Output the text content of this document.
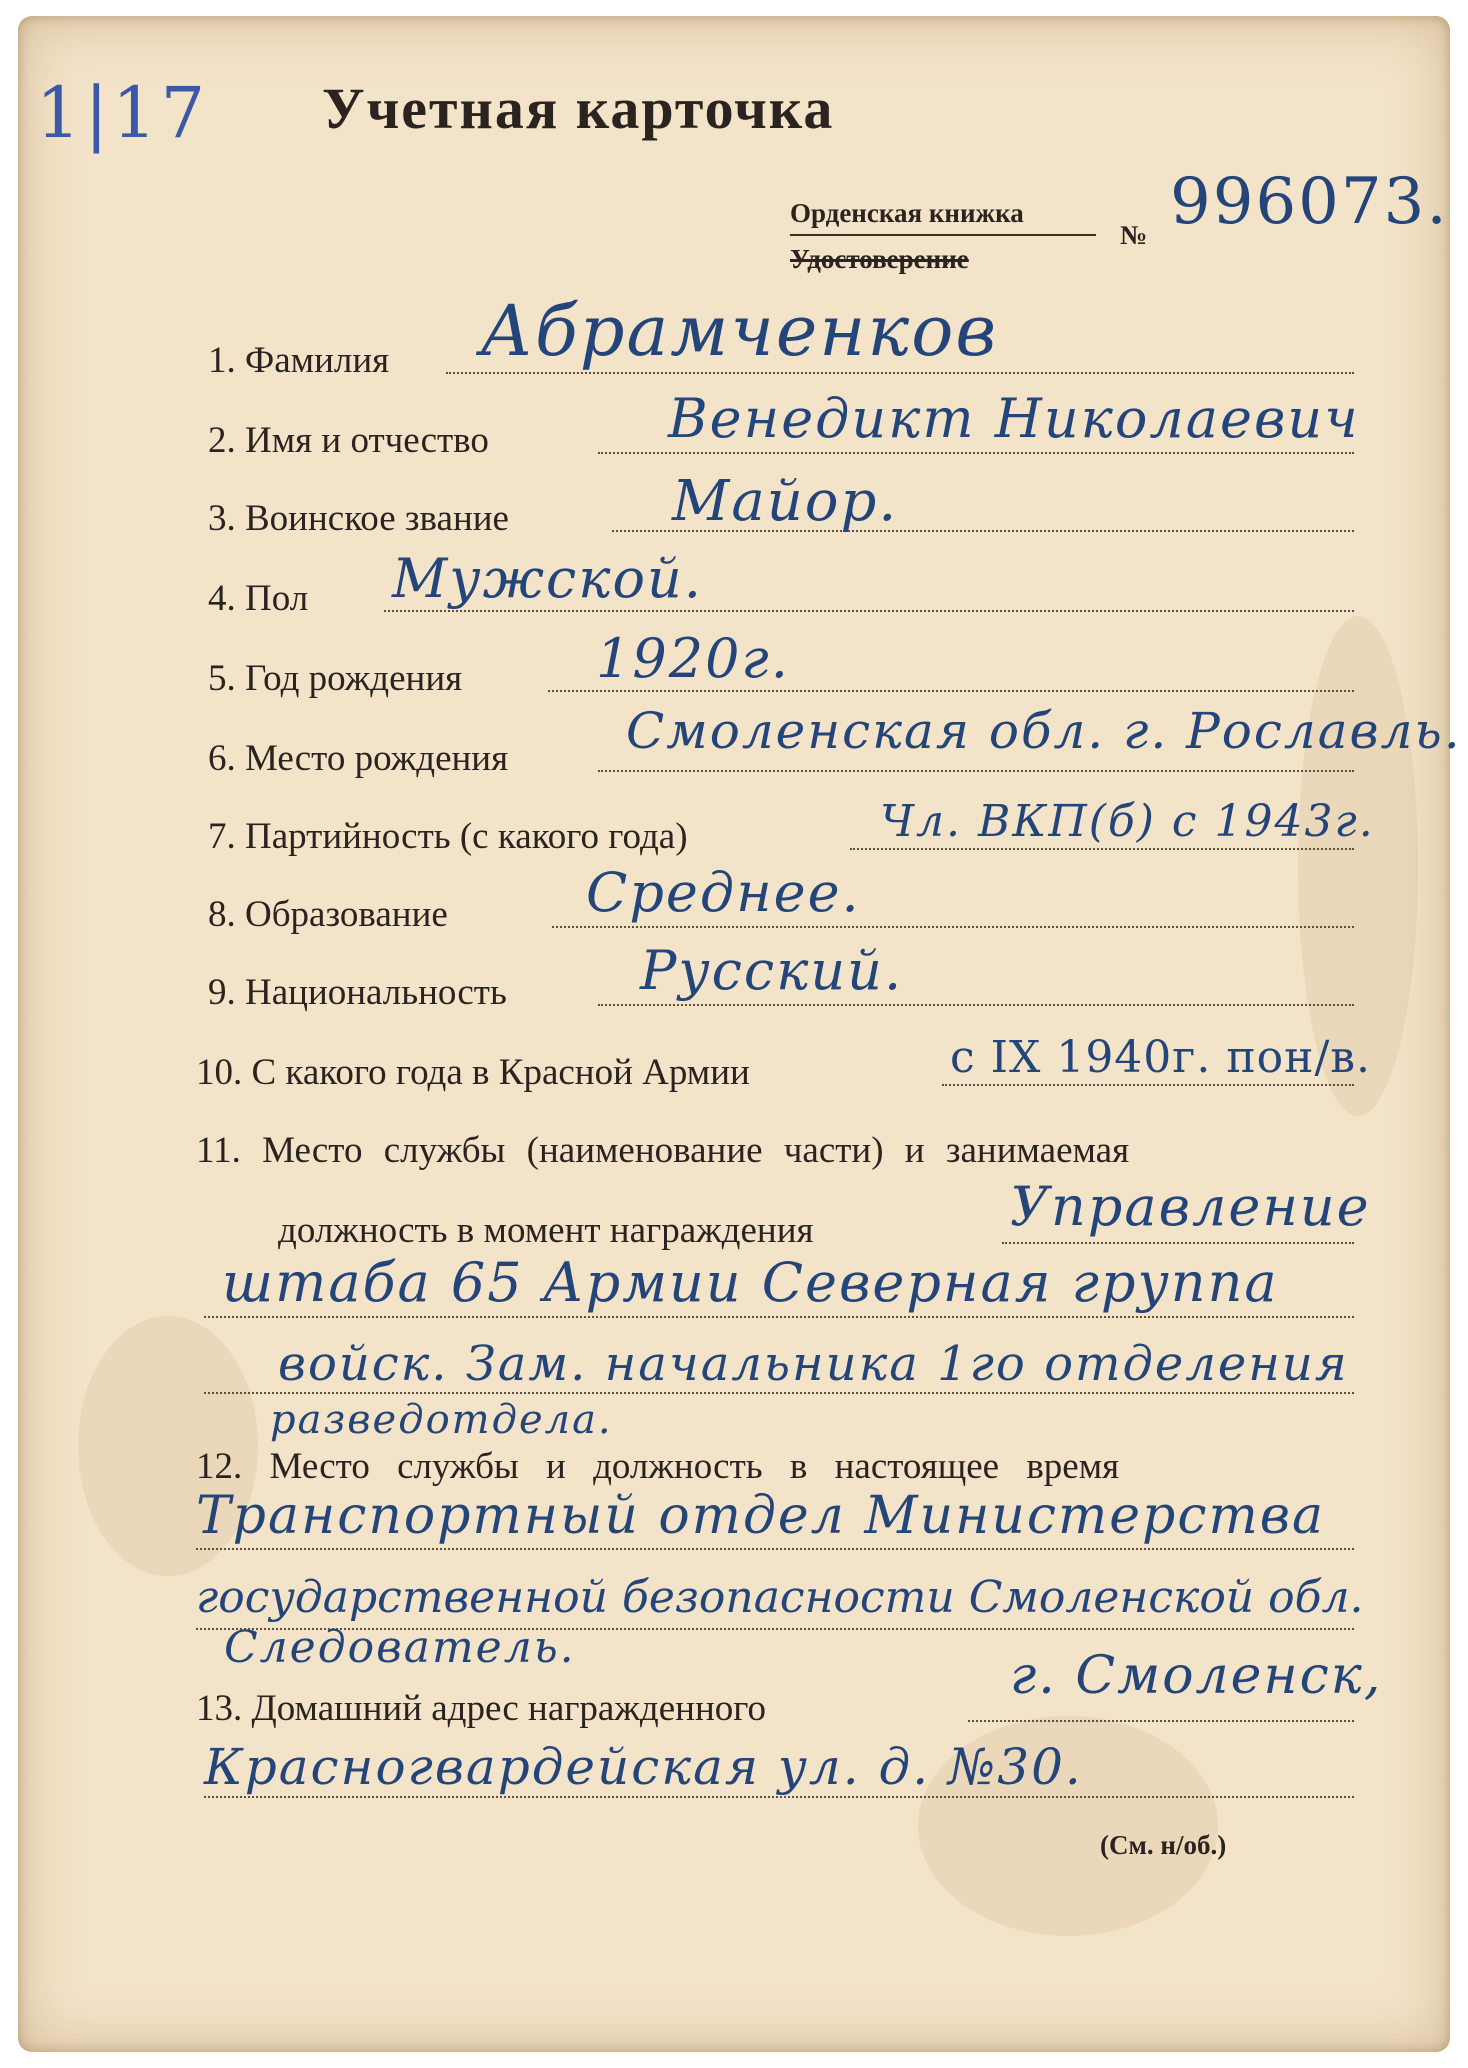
1|17 Учетная карточка
Орденская книжка
Удостоверение
№ 996073.
1. Фамилия Абрамченков
2. Имя и отчество	Венедикт Николаевич
3. Воинское звание	Майор.
4. Пол Мужской.
5. Год рождения 1920г.
6. Место рождения Смоленская обл. г. Рославль.
7. Партийность (с какого года)	Чл. ВКП(б) с 1943г.
8. Образование	Среднее.
9. Национальность Русский.
10. С какого года в Красной Армии	с IX 1940г. пон/в.
11. Место службы (наименование части) и занимаемая
должность в момент награждения	Управление
штаба 65 Армии Северная группа
войск. Зам. начальника 1го отделения
разведотдела.
12. Место службы и должность в настоящее время
Транспортный отдел Министерства
государственной безопасности Смоленской обл.
Следователь.
13. Домашний адрес награжденного
г. Смоленск,
Красногвардейская ул. д. №30.
(См. н/об.)
